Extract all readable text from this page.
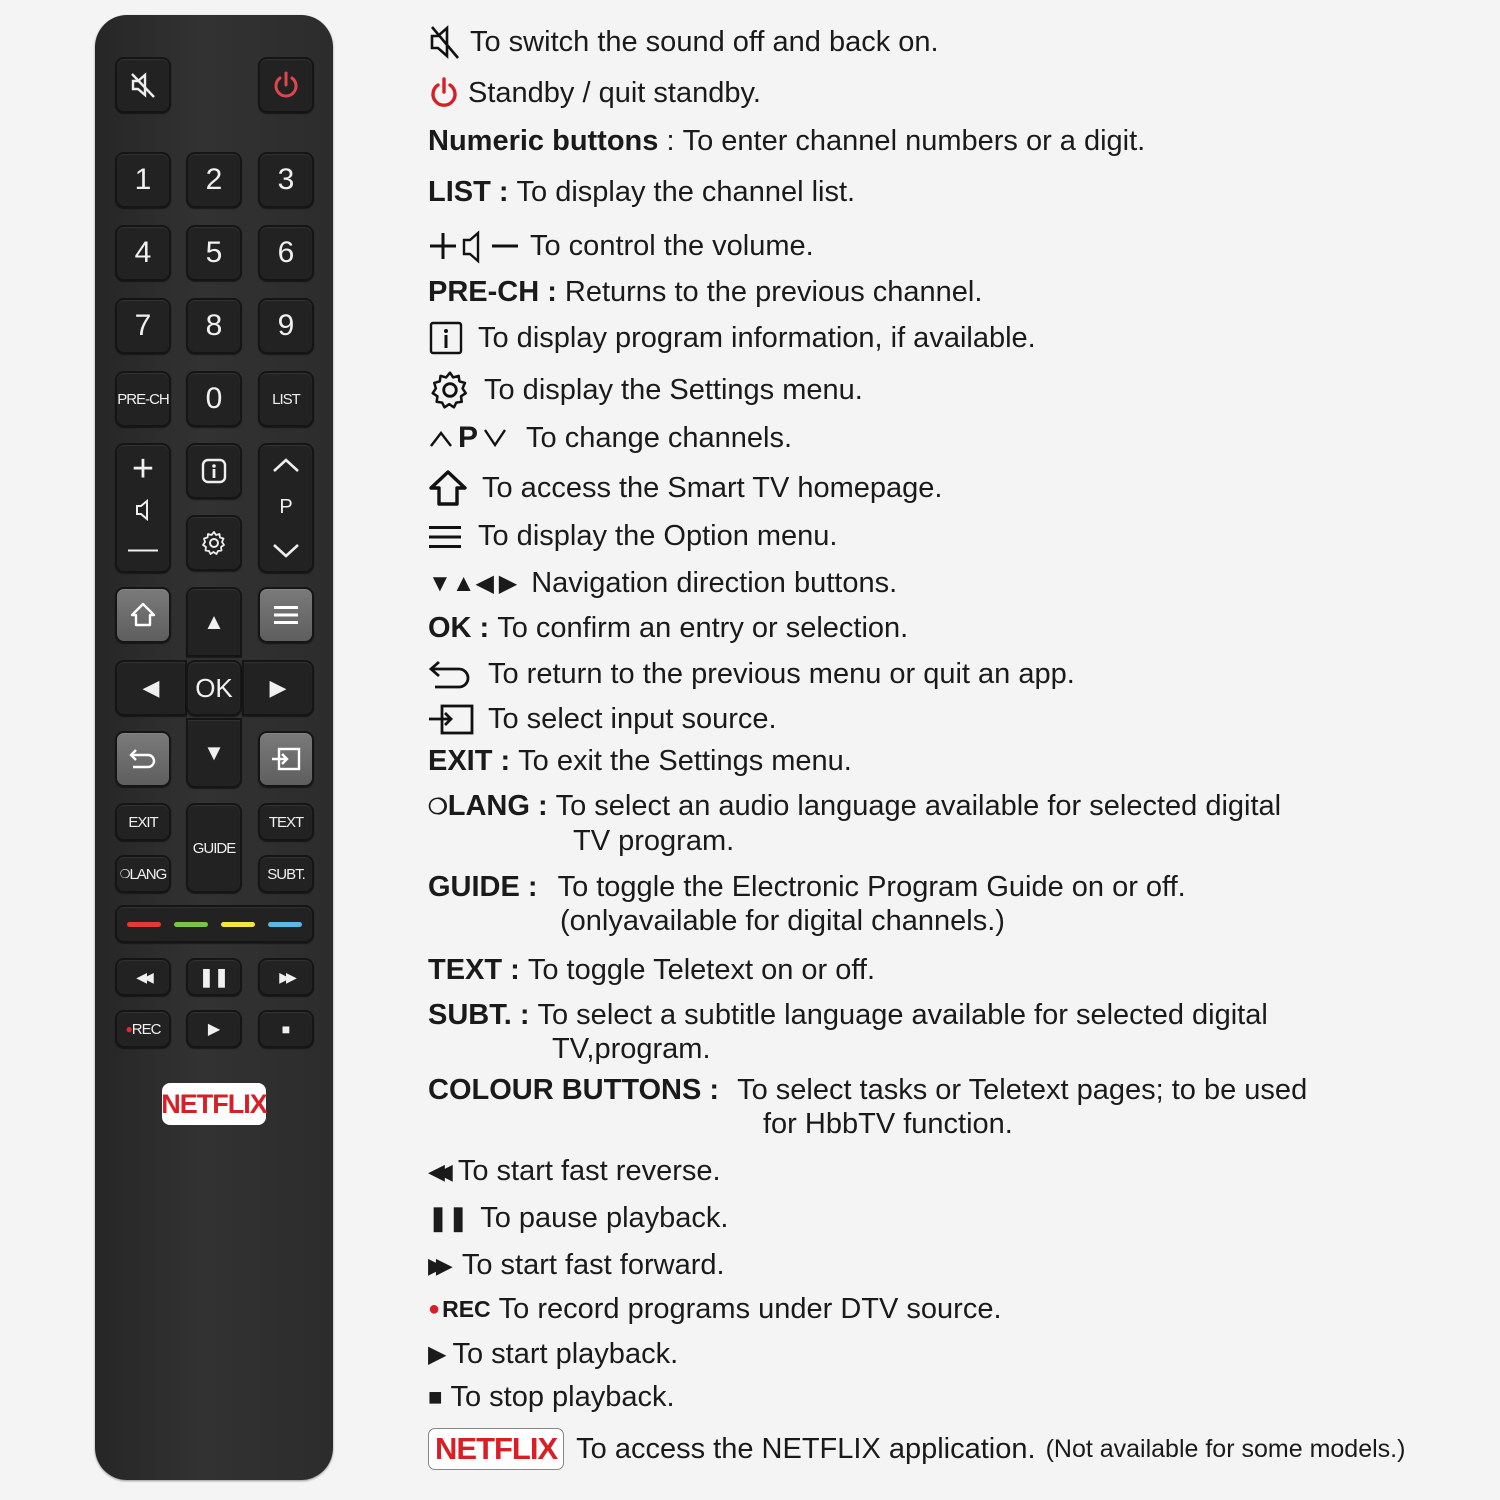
1	2	3
4	5	6
7	8	9
PRE-CH	0	LIST
+
—
P
▲
◀	OK	▶
▼
EXIT
GUIDE
TEXT
❍ LANG	SUBT.
◀◀	❚❚	▶▶
● REC	▶	■
NETFLIX
To switch the sound off and back on.
Standby / quit standby.
Numeric buttons : To enter channel numbers or a digit.
LIST : To display the channel list.
To control the volume.
PRE-CH : Returns to the previous channel.
To display program information, if available.
To display the Settings menu.
P To change channels.
To access the Smart TV homepage.
To display the Option menu.
▼▲◀ ▶ Navigation direction buttons.
OK : To confirm an entry or selection.
To return to the previous menu or quit an app.
To select input source.
EXIT : To exit the Settings menu.
❍ LANG : To select an audio language available for selected digital
TV program.
GUIDE : To toggle the Electronic Program Guide on or off.
(onlyavailable for digital channels.)
TEXT : To toggle Teletext on or off.
SUBT. : To select a subtitle language available for selected digital
TV,program.
COLOUR BUTTONS : To select tasks or Teletext pages; to be used
for HbbTV function.
◀◀ To start fast reverse.
❚❚ To pause playback.
▶▶ To start fast forward.
● REC To record programs under DTV source.
▶ To start playback.
■ To stop playback.
NETFLIX To access the NETFLIX application. (Not available for some models.)
